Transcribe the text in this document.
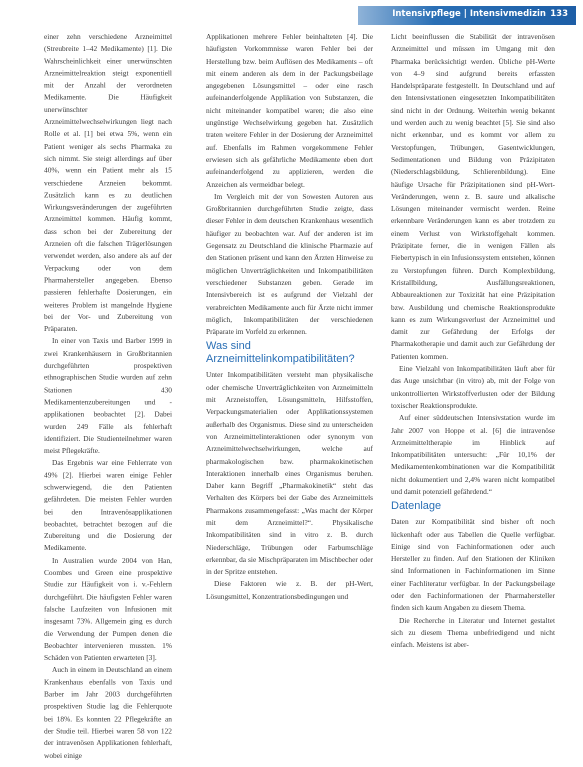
Intensivpflege | Intensivmedizin 133

einer zehn verschiedene Arzneimittel (Streubreite 1–42 Medikamente) [1]. Die Wahrscheinlichkeit einer unerwünschten Arzneimittelreaktion steigt exponentiell mit der Anzahl der verordneten Medikamente. Die Häufigkeit unerwünschter Arzneimittelwechselwirkungen liegt nach Rolle et al. [1] bei etwa 5%, wenn ein Patient weniger als sechs Pharmaka zu sich nimmt. Sie steigt allerdings auf über 40%, wenn ein Patient mehr als 15 verschiedene Arzneien bekommt. Zusätzlich kann es zu deutlichen Wirkungsveränderungen der zugeführten Arzneimittel kommen. Häufig kommt, dass schon bei der Zubereitung der Arzneien oft die falschen Trägerlösungen verwendet werden, also andere als auf der Verpackung oder von dem Pharmahersteller angegeben. Ebenso passieren fehlerhafte Dosierungen, ein weiteres Problem ist mangelnde Hygiene bei der Vor- und Zubereitung von Präparaten.

In einer von Taxis und Barber 1999 in zwei Krankenhäusern in Großbritannien durchgeführten prospektiven ethnographischen Studie wurden auf zehn Stationen 430 Medikamentenzubereitungen und -applikationen beobachtet [2]. Dabei wurden 249 Fälle als fehlerhaft identifiziert. Die Studienteilnehmer waren meist Pflegekräfte.

Das Ergebnis war eine Fehlerrate von 49% [2]. Hierbei waren einige Fehler schwerwiegend, die den Patienten gefährdeten. Die meisten Fehler wurden bei den Intravenösapplikationen beobachtet, betrachtet bezogen auf die Zubereitung und die Dosierung der Medikamente.

In Australien wurde 2004 von Han, Coombes und Green eine prospektive Studie zur Häufigkeit von i. v.-Fehlern durchgeführt. Die häufigsten Fehler waren falsche Laufzeiten von Infusionen mit insgesamt 73%. Allgemein ging es durch die Verwendung der Pumpen denen die Beobachter intervenieren mussten. 1% Schäden von Patienten erwarteten [3].

Auch in einem in Deutschland an einem Krankenhaus ebenfalls von Taxis und Barber im Jahr 2003 durchgeführten prospektiven Studie lag die Fehlerquote bei 18%. Es konnten 22 Pflegekräfte an der Studie teil. Hierbei waren 58 von 122 der intravenösen Applikationen fehlerhaft, wobei einige

Applikationen mehrere Fehler beinhalteten [4]. Die häufigsten Vorkommnisse waren Fehler bei der Herstellung bzw. beim Auflösen des Medikaments – oft mit einem anderen als dem in der Packungsbeilage angegebenen Lösungsmittel – oder eine rasch aufeinanderfolgende Applikation von Substanzen, die nicht miteinander kompatibel waren; die also eine ungünstige Wechselwirkung gegeben hat. Zusätzlich traten weitere Fehler in der Dosierung der Arzneimittel auf. Ebenfalls im Rahmen vorgekommene Fehler erwiesen sich als gefährliche Medikamente eben dort aufeinanderfolgend zu applizieren, werden die Anzeichen als vermeidbar belegt.

Im Vergleich mit der von Sowesten Autoren aus Großbritannien durchgeführten Studie zeigte, dass dieser Fehler in dem deutschen Krankenhaus wesentlich häufiger zu beobachten war. Auf der anderen ist im Gegensatz zu Deutschland die klinische Pharmazie auf den Stationen präsent und kann den Ärzten Hinweise zu möglichen Unverträglichkeiten und Inkompatibilitäten verschiedener Substanzen geben. Gerade im Intensivbereich ist es aufgrund der Vielzahl der verabreichten Medikamente auch für Ärzte nicht immer möglich, Inkompatibilitäten der verschiedenen Präparate im Vorfeld zu erkennen.

Was sind Arzneimittelinkompatibilitäten?

Unter Inkompatibilitäten versteht man physikalische oder chemische Unverträglichkeiten von Arzneimitteln mit Arzneistoffen, Lösungsmitteln, Hilfsstoffen, Verpackungsmaterialien oder Applikationssystemen außerhalb des Organismus. Diese sind zu unterscheiden von Arzneimittelinteraktionen oder synonym von Arzneimittelwechselwirkungen, welche auf pharmakologischen bzw. pharmakokinetischen Interaktionen innerhalb eines Organismus beruhen. Daher kann Begriff „Pharmakokinetik“ steht das Verhalten des Körpers bei der Gabe des Arzneimittels Pharmakons zusammengefasst: „Was macht der Körper mit dem Arzneimittel?“. Physikalische Inkompatibilitäten sind in vitro z. B. durch Niederschläge, Trübungen oder Farbumschläge erkennbar, da sie Mischpräparaten im Mischbecher oder in der Spritze entstehen.

Diese Faktoren wie z. B. der pH-Wert, Lösungsmittel, Konzentrationsbedingungen und

Licht beeinflussen die Stabilität der intravenösen Arzneimittel und müssen im Umgang mit den Pharmaka berücksichtigt werden. Übliche pH-Werte von 4–9 sind aufgrund bereits erfassten Handelspräparate festgestellt. In Deutschland und auf den Intensivstationen eingesetzten Inkompatibilitäten sind nicht in der Ordnung. Weiterhin wenig bekannt und werden auch zu wenig beachtet [5]. Sie sind also nicht erkennbar, und es kommt vor allem zu Verstopfungen, Trübungen, Gasentwicklungen, Sedimentationen und Bildung von Präzipitaten (Niederschlagsbildung, Schlierenbildung). Eine häufige Ursache für Präzipitationen sind pH-Wert-Veränderungen, wenn z. B. saure und alkalische Lösungen miteinander vermischt werden. Reine erkennbare Veränderungen kann es aber trotzdem zu einem Verlust von Wirkstoffgehalt kommen. Präzipitate ferner, die in wenigen Fällen als Fiebertypisch in ein Infusionssystem entstehen, können zu Verstopfungen führen. Durch Komplexbildung, Kristallbildung, Ausfällungsreaktionen, Abbaureaktionen zur Toxizität hat eine Präzipitation bzw. Ausbildung und chemische Reaktionsprodukte kann es zum Wirkungsverlust der Arzneimittel und damit zur Gefährdung der Erfolgs der Pharmakotherapie und damit auch zur Gefährdung der Patienten kommen.

Eine Vielzahl von Inkompatibilitäten läuft aber für das Auge unsichtbar (in vitro) ab, mit der Folge von unkontrollierten Wirkstoffverlusten oder der Bildung toxischer Reaktionsprodukte.

Auf einer süddeutschen Intensivstation wurde im Jahr 2007 von Hoppe et al. [6] die intravenöse Arzneimitteltherapie im Hinblick auf Inkompatibilitäten untersucht: „Für 10,1% der Medikamentenkombinationen war die Kompatibilität nicht dokumentiert und 2,4% waren nicht kompatibel und damit potenziell gefährdend.“

Datenlage

Daten zur Kompatibilität sind bisher oft noch lückenhaft oder aus Tabellen die Quelle verfügbar. Einige sind von Fachinformationen oder auch Hersteller zu finden. Auf den Stationen der Kliniken sind Informationen in Fachinformationen im Sinne einer Fachliteratur verfügbar. In der Packungsbeilage oder den Fachinformationen der Pharmahersteller finden sich kaum Angaben zu diesem Thema.

Die Recherche in Literatur und Internet gestaltet sich zu diesem Thema unbefriedigend und nicht einfach. Meistens ist aber-
